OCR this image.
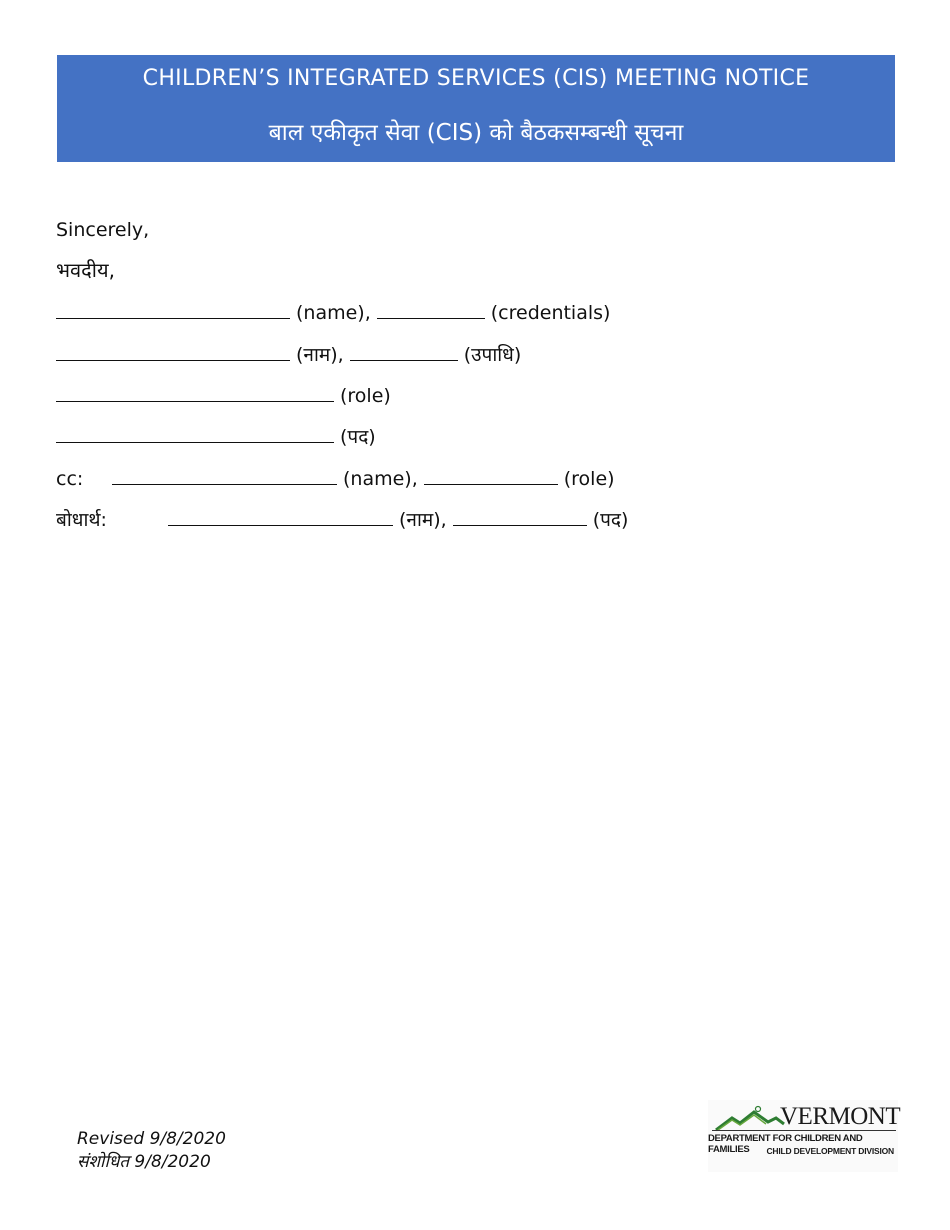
CHILDREN’S INTEGRATED SERVICES (CIS) MEETING NOTICE
बाल एकीकृत सेवा (CIS) को बैठकसम्बन्धी सूचना
Sincerely,
भवदीय,
(name),	(credentials)
(नाम),	(उपाधि)
(role)
(पद)
cc:	(name),	(role)
बोधार्थ:	(नाम),	(पद)
Revised 9/8/2020
संशोधित 9/8/2020
VERMONT
DEPARTMENT FOR CHILDREN AND FAMILIES	CHILD DEVELOPMENT DIVISION
